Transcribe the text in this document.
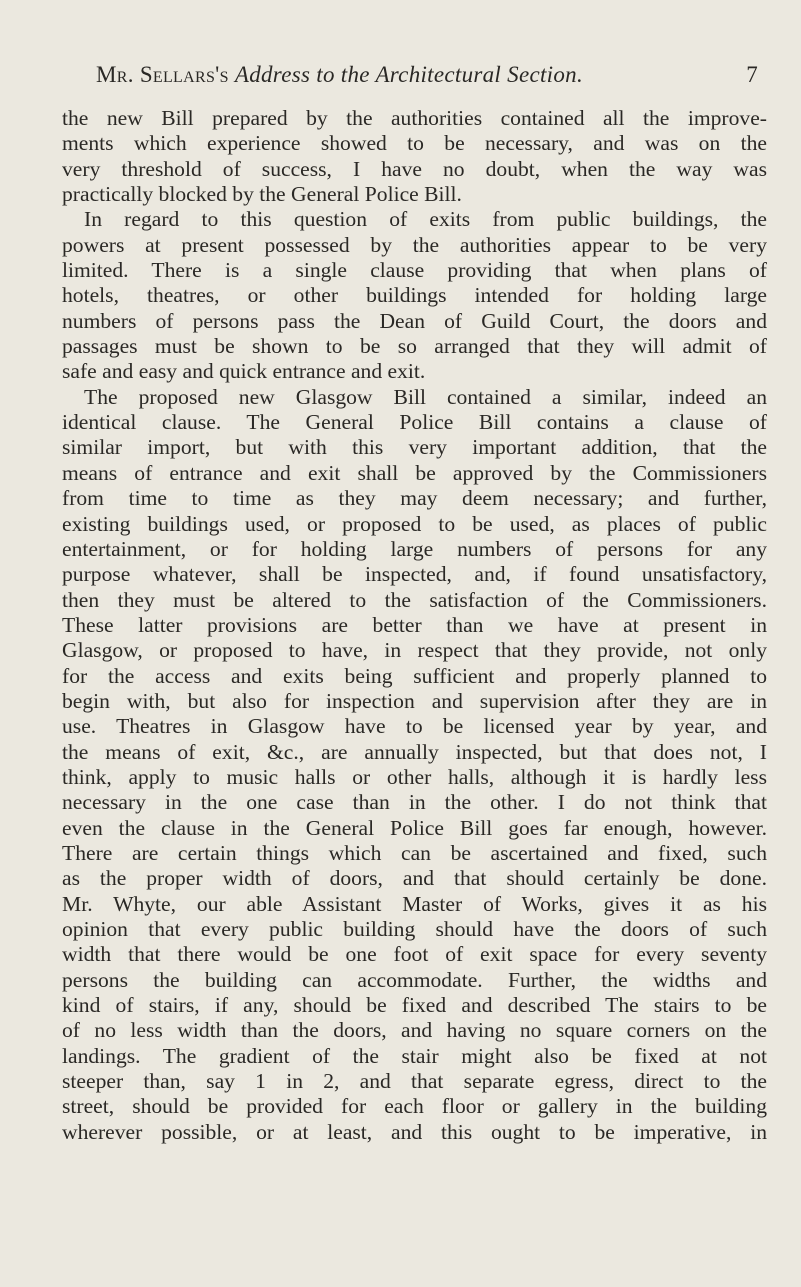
Mr. Sellars's Address to the Architectural Section.	7
the new Bill prepared by the authorities contained all the improve-
ments which experience showed to be necessary, and was on the
very threshold of success, I have no doubt, when the way was
practically blocked by the General Police Bill.
In regard to this question of exits from public buildings, the
powers at present possessed by the authorities appear to be very
limited. There is a single clause providing that when plans of
hotels, theatres, or other buildings intended for holding large
numbers of persons pass the Dean of Guild Court, the doors and
passages must be shown to be so arranged that they will admit of
safe and easy and quick entrance and exit.
The proposed new Glasgow Bill contained a similar, indeed an
identical clause. The General Police Bill contains a clause of
similar import, but with this very important addition, that the
means of entrance and exit shall be approved by the Commissioners
from time to time as they may deem necessary; and further,
existing buildings used, or proposed to be used, as places of public
entertainment, or for holding large numbers of persons for any
purpose whatever, shall be inspected, and, if found unsatisfactory,
then they must be altered to the satisfaction of the Commissioners.
These latter provisions are better than we have at present in
Glasgow, or proposed to have, in respect that they provide, not only
for the access and exits being sufficient and properly planned to
begin with, but also for inspection and supervision after they are in
use. Theatres in Glasgow have to be licensed year by year, and
the means of exit, &c., are annually inspected, but that does not, I
think, apply to music halls or other halls, although it is hardly less
necessary in the one case than in the other. I do not think that
even the clause in the General Police Bill goes far enough, however.
There are certain things which can be ascertained and fixed, such
as the proper width of doors, and that should certainly be done.
Mr. Whyte, our able Assistant Master of Works, gives it as his
opinion that every public building should have the doors of such
width that there would be one foot of exit space for every seventy
persons the building can accommodate. Further, the widths and
kind of stairs, if any, should be fixed and described The stairs to be
of no less width than the doors, and having no square corners on the
landings. The gradient of the stair might also be fixed at not
steeper than, say 1 in 2, and that separate egress, direct to the
street, should be provided for each floor or gallery in the building
wherever possible, or at least, and this ought to be imperative, in
